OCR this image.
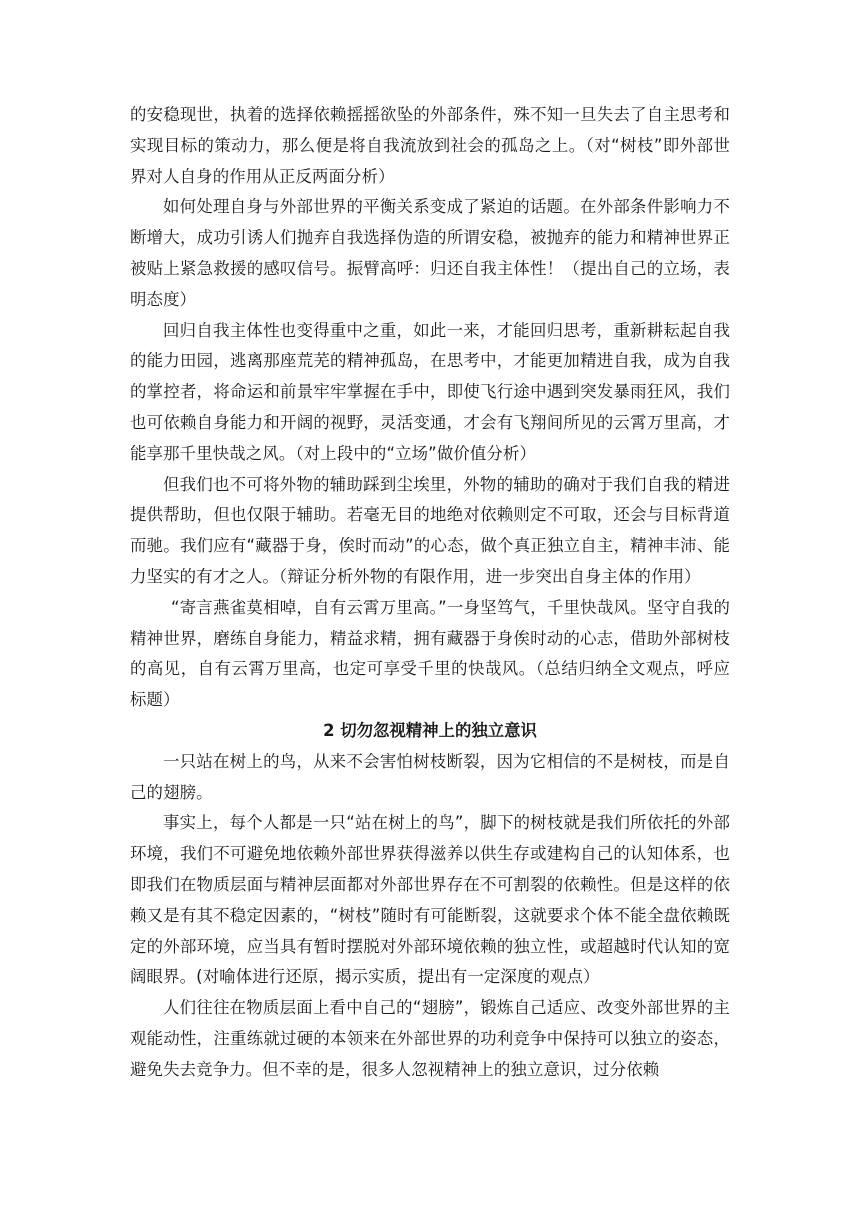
的安稳现世，执着的选择依赖摇摇欲坠的外部条件，殊不知一旦失去了自主思考和实现目标的策动力，那么便是将自我流放到社会的孤岛之上。（对“树枝”即外部世界对人自身的作用从正反两面分析）

如何处理自身与外部世界的平衡关系变成了紧迫的话题。在外部条件影响力不断增大，成功引诱人们抛弃自我选择伪造的所谓安稳，被抛弃的能力和精神世界正被贴上紧急救援的感叹信号。振臂高呼：归还自我主体性！（提出自己的立场，表明态度）

回归自我主体性也变得重中之重，如此一来，才能回归思考，重新耕耘起自我的能力田园，逃离那座荒芜的精神孤岛，在思考中，才能更加精进自我，成为自我的掌控者，将命运和前景牢牢掌握在手中，即使飞行途中遇到突发暴雨狂风，我们也可依赖自身能力和开阔的视野，灵活变通，才会有飞翔间所见的云霄万里高，才能享那千里快哉之风。（对上段中的“立场”做价值分析）

但我们也不可将外物的辅助踩到尘埃里，外物的辅助的确对于我们自我的精进提供帮助，但也仅限于辅助。若毫无目的地绝对依赖则定不可取，还会与目标背道而驰。我们应有“藏器于身，俟时而动”的心态，做个真正独立自主，精神丰沛、能力坚实的有才之人。（辩证分析外物的有限作用，进一步突出自身主体的作用）

“寄言燕雀莫相啅，自有云霄万里高。”一身坚笃气，千里快哉风。坚守自我的精神世界，磨练自身能力，精益求精，拥有藏器于身俟时动的心志，借助外部树枝的高见，自有云霄万里高，也定可享受千里的快哉风。（总结归纳全文观点，呼应标题）

2 切勿忽视精神上的独立意识

一只站在树上的鸟，从来不会害怕树枝断裂，因为它相信的不是树枝，而是自己的翅膀。

事实上，每个人都是一只“站在树上的鸟”，脚下的树枝就是我们所依托的外部环境，我们不可避免地依赖外部世界获得滋养以供生存或建构自己的认知体系，也即我们在物质层面与精神层面都对外部世界存在不可割裂的依赖性。但是这样的依赖又是有其不稳定因素的，“树枝”随时有可能断裂，这就要求个体不能全盘依赖既定的外部环境，应当具有暂时摆脱对外部环境依赖的独立性，或超越时代认知的宽阔眼界。(对喻体进行还原，揭示实质，提出有一定深度的观点）

人们往往在物质层面上看中自己的“翅膀”，锻炼自己适应、改变外部世界的主观能动性，注重练就过硬的本领来在外部世界的功利竞争中保持可以独立的姿态，避免失去竞争力。但不幸的是，很多人忽视精神上的独立意识，过分依赖
